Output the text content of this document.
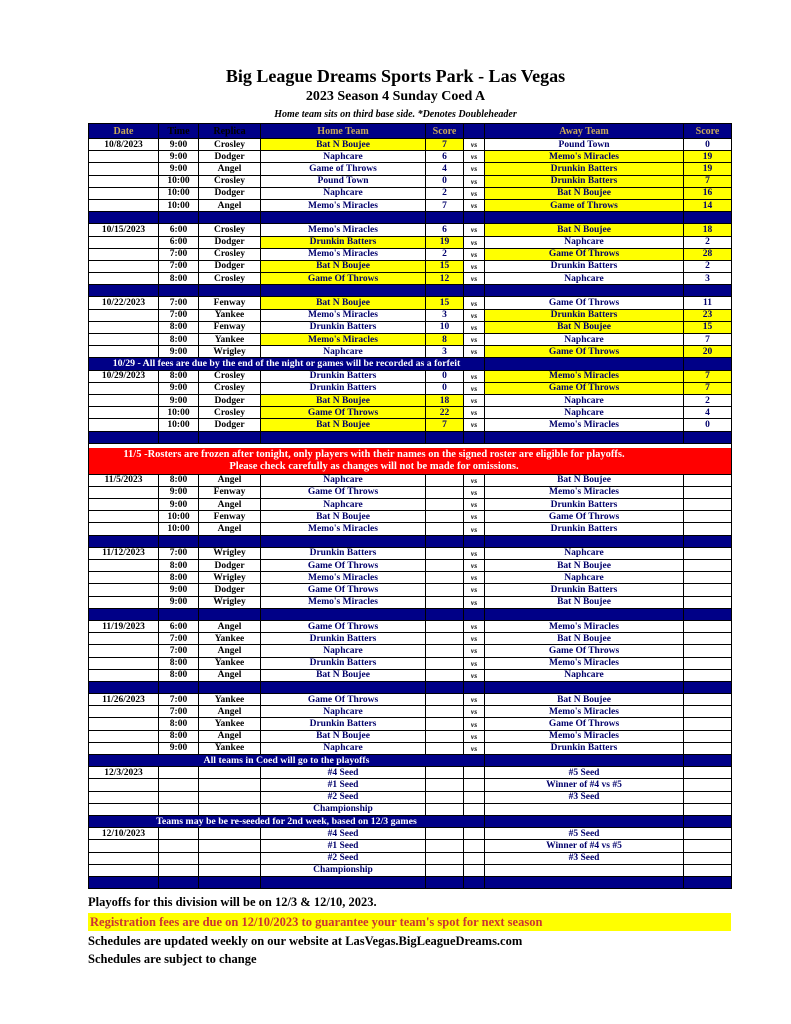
Big League Dreams Sports Park - Las Vegas
2023 Season 4 Sunday Coed A
Home team sits on third base side. *Denotes Doubleheader
Date	Time	Replica	Home Team	Score	Away Team	Score
10/8/2023	9:00	Crosley	Bat N Boujee	7	vs	Pound Town	0
9:00	Dodger	Naphcare	6	vs	Memo's Miracles	19
9:00	Angel	Game of Throws	4	vs	Drunkin Batters	19
10:00	Crosley	Pound Town	0	vs	Drunkin Batters	7
10:00	Dodger	Naphcare	2	vs	Bat N Boujee	16
10:00	Angel	Memo's Miracles	7	vs	Game of Throws	14
10/15/2023	6:00	Crosley	Memo's Miracles	6	vs	Bat N Boujee	18
6:00	Dodger	Drunkin Batters	19	vs	Naphcare	2
7:00	Crosley	Memo's Miracles	2	vs	Game Of Throws	28
7:00	Dodger	Bat N Boujee	15	vs	Drunkin Batters	2
8:00	Crosley	Game Of Throws	12	vs	Naphcare	3
10/22/2023	7:00	Fenway	Bat N Boujee	15	vs	Game Of Throws	11
7:00	Yankee	Memo's Miracles	3	vs	Drunkin Batters	23
8:00	Fenway	Drunkin Batters	10	vs	Bat N Boujee	15
8:00	Yankee	Memo's Miracles	8	vs	Naphcare	7
9:00	Wrigley	Naphcare	3	vs	Game Of Throws	20
10/29 - All fees are due by the end of the night or games will be recorded as a forfeit
10/29/2023	8:00	Crosley	Drunkin Batters	0	vs	Memo's Miracles	7
9:00	Crosley	Drunkin Batters	0	vs	Game Of Throws	7
9:00	Dodger	Bat N Boujee	18	vs	Naphcare	2
10:00	Crosley	Game Of Throws	22	vs	Naphcare	4
10:00	Dodger	Bat N Boujee	7	vs	Memo's Miracles	0
11/5 -Rosters are frozen after tonight, only players with their names on the signed roster are eligible for playoffs.
Please check carefully as changes will not be made for omissions.
11/5/2023	8:00	Angel	Naphcare	vs	Bat N Boujee
9:00	Fenway	Game Of Throws	vs	Memo's Miracles
9:00	Angel	Naphcare	vs	Drunkin Batters
10:00	Fenway	Bat N Boujee	vs	Game Of Throws
10:00	Angel	Memo's Miracles	vs	Drunkin Batters
11/12/2023	7:00	Wrigley	Drunkin Batters	vs	Naphcare
8:00	Dodger	Game Of Throws	vs	Bat N Boujee
8:00	Wrigley	Memo's Miracles	vs	Naphcare
9:00	Dodger	Game Of Throws	vs	Drunkin Batters
9:00	Wrigley	Memo's Miracles	vs	Bat N Boujee
11/19/2023	6:00	Angel	Game Of Throws	vs	Memo's Miracles
7:00	Yankee	Drunkin Batters	vs	Bat N Boujee
7:00	Angel	Naphcare	vs	Game Of Throws
8:00	Yankee	Drunkin Batters	vs	Memo's Miracles
8:00	Angel	Bat N Boujee	vs	Naphcare
11/26/2023	7:00	Yankee	Game Of Throws	vs	Bat N Boujee
7:00	Angel	Naphcare	vs	Memo's Miracles
8:00	Yankee	Drunkin Batters	vs	Game Of Throws
8:00	Angel	Bat N Boujee	vs	Memo's Miracles
9:00	Yankee	Naphcare	vs	Drunkin Batters
All teams in Coed will go to the playoffs
12/3/2023	#4 Seed	#5 Seed
#1 Seed	Winner of #4 vs #5
#2 Seed	#3 Seed
Championship
Teams may be be re-seeded for 2nd week, based on 12/3 games
12/10/2023	#4 Seed	#5 Seed
#1 Seed	Winner of #4 vs #5
#2 Seed	#3 Seed
Championship
Playoffs for this division will be on 12/3 & 12/10, 2023.
Registration fees are due on 12/10/2023 to guarantee your team's spot for next season
Schedules are updated weekly on our website at LasVegas.BigLeagueDreams.com
Schedules are subject to change
